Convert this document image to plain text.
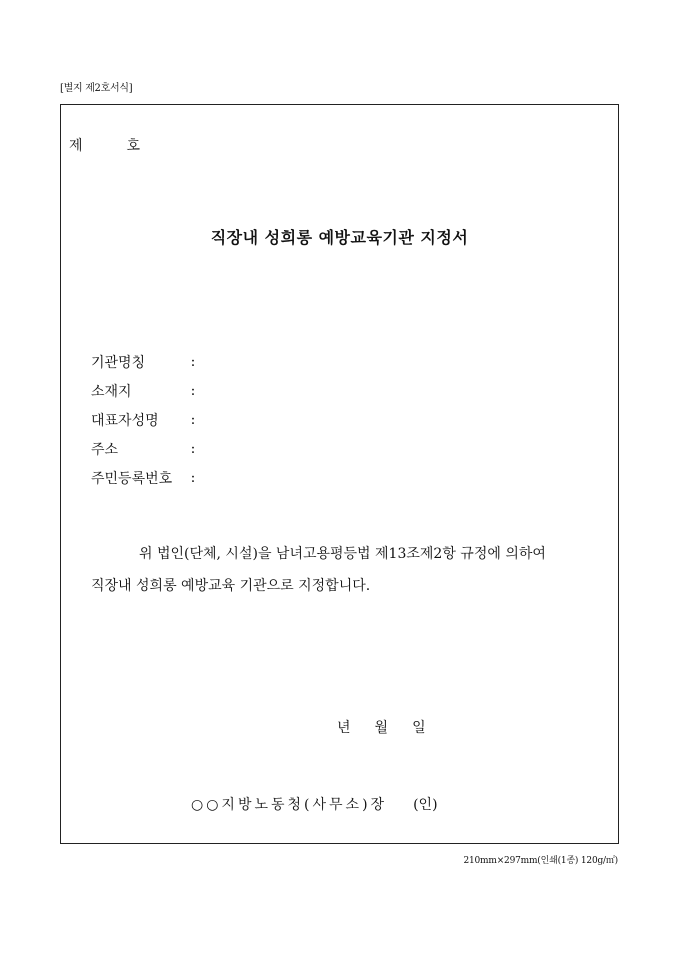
[별지 제2호서식]
제	호
직장내 성희롱 예방교육기관 지정서
기관명칭	:
소재지	:
대표자성명	:
주소	:
주민등록번호	:
위 법인(단체, 시설)을 남녀고용평등법 제13조제2항 규정에 의하여
직장내 성희롱 예방교육 기관으로 지정합니다.
년 월 일
○○지방노동청(사무소)장 (인)
210mm×297mm(인쇄(1종) 120g/㎡)
